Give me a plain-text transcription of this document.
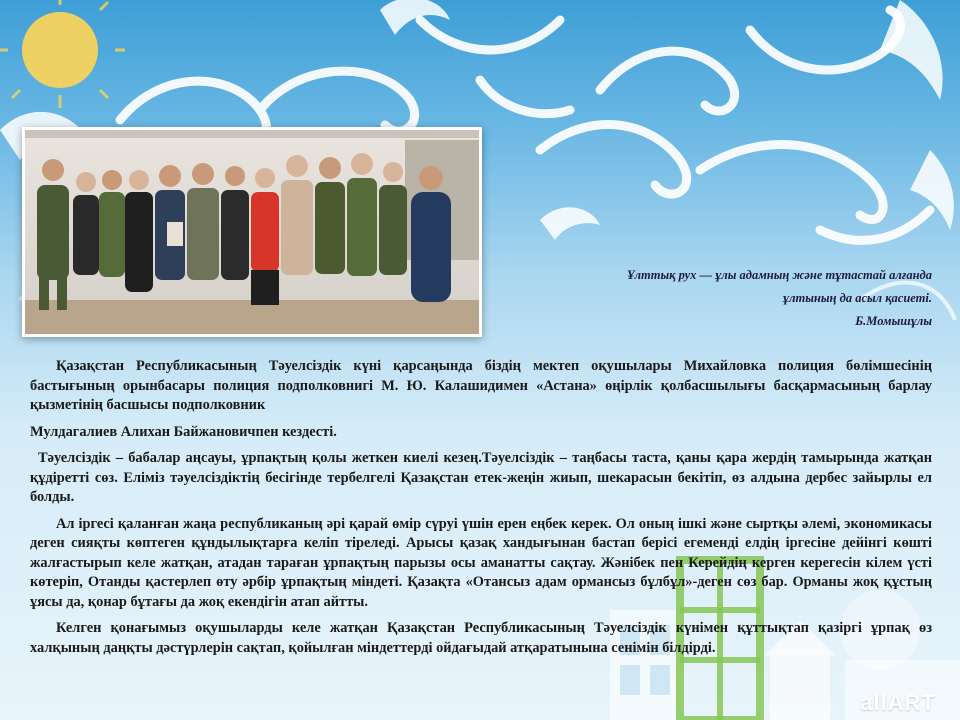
Ұлттық рух — ұлы адамның және тұтастай алғанда
ұлтының да асыл қасиеті.
Б.Момышұлы

Қазақстан Республикасының Тәуелсіздік күні қарсаңында біздің мектеп оқушылары Михайловка полиция бөлімшесінің бастығының орынбасары полиция подполковнигі М. Ю. Калашидимен «Астана» өңірлік қолбасшылығы басқармасының барлау қызметінің басшысы подполковник

Мулдагалиев Алихан Байжановичпен кездесті.

Тәуелсіздік – бабалар аңсауы, ұрпақтың қолы жеткен киелі кезең.Тәуелсіздік – таңбасы таста, қаны қара жердің тамырында жатқан құдіретті сөз. Еліміз тәуелсіздіктің бесігінде тербелгелі Қазақстан етек-жеңін жиып, шекарасын бекітіп, өз алдына дербес зайырлы ел болды.

Ал іргесі қаланған жаңа республиканың әрі қарай өмір сүруі үшін ерен еңбек керек. Ол оның ішкі және сыртқы әлемі, экономикасы деген сияқты көптеген құндылықтарға келіп тіреледі. Арысы қазақ хандығынан бастап берісі егеменді елдің іргесіне дейінгі көшті жалғастырып келе жатқан, атадан тараған ұрпақтың парызы осы аманатты сақтау. Жәнібек пен Керейдің керген керегесін кілем үсті көтеріп, Отанды қастерлеп өту әрбір ұрпақтың міндеті. Қазақта «Отансыз адам ормансыз бұлбұл»-деген сөз бар. Орманы жоқ құстың ұясы да, қонар бұтағы да жоқ екендігін атап айтты.

Келген қонағымыз оқушыларды келе жатқан Қазақстан Республикасының Тәуелсіздік күнімен құттықтап қазіргі ұрпақ өз халқының даңқты дәстүрлерін сақтап, қойылған міндеттерді ойдағыдай атқаратынына сенімін білдірді.

allART
